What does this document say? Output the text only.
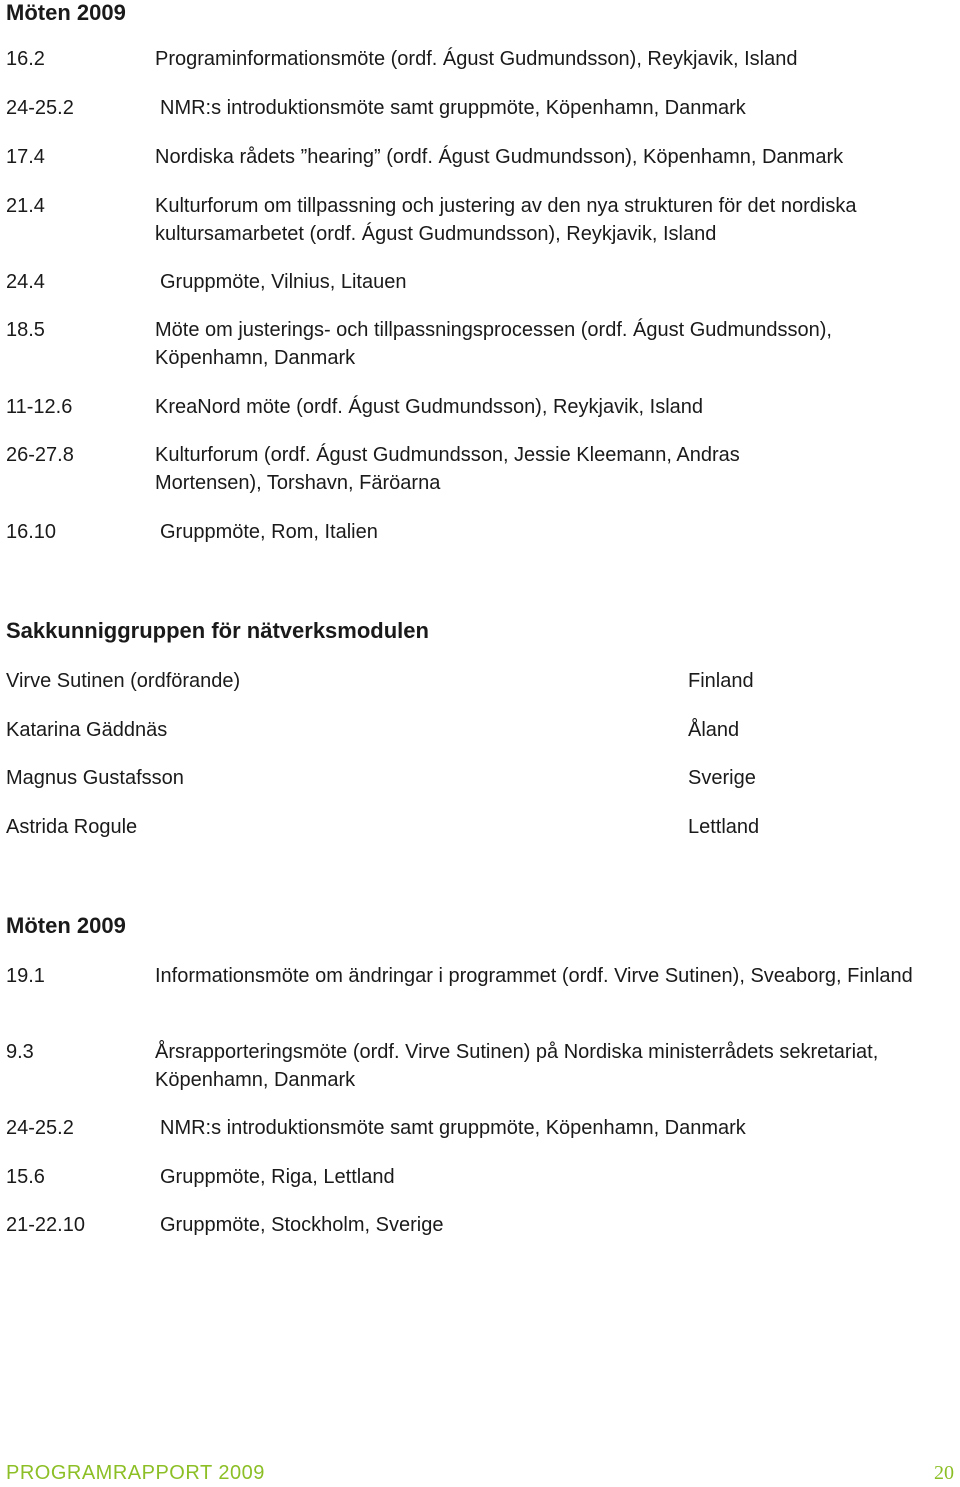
Möten 2009
16.2	Programinformationsmöte (ordf. Águst Gudmundsson), Reykjavik, Island
24-25.2	NMR:s introduktionsmöte samt gruppmöte, Köpenhamn, Danmark
17.4	Nordiska rådets ”hearing” (ordf. Águst Gudmundsson), Köpenhamn, Danmark
21.4	Kulturforum om tillpassning och justering av den nya strukturen för det nordiska kultursamarbetet (ordf. Águst Gudmundsson), Reykjavik, Island
24.4	Gruppmöte, Vilnius, Litauen
18.5	Möte om justerings- och tillpassningsprocessen (ordf. Águst Gudmundsson), Köpenhamn, Danmark
11-12.6	KreaNord möte (ordf. Águst Gudmundsson), Reykjavik, Island
26-27.8	Kulturforum (ordf. Águst Gudmundsson, Jessie Kleemann, Andras Mortensen), Torshavn, Färöarna
16.10	Gruppmöte, Rom, Italien
Sakkunniggruppen för nätverksmodulen
Virve Sutinen (ordförande)	Finland
Katarina Gäddnäs	Åland
Magnus Gustafsson	Sverige
Astrida Rogule	Lettland
Möten 2009
19.1	Informationsmöte om ändringar i programmet (ordf. Virve Sutinen), Sveaborg, Finland
9.3	Årsrapporteringsmöte (ordf. Virve Sutinen) på Nordiska ministerrådets sekretariat, Köpenhamn, Danmark
24-25.2	NMR:s introduktionsmöte samt gruppmöte, Köpenhamn, Danmark
15.6	Gruppmöte, Riga, Lettland
21-22.10	Gruppmöte, Stockholm, Sverige
PROGRAMRAPPORT 2009	20
